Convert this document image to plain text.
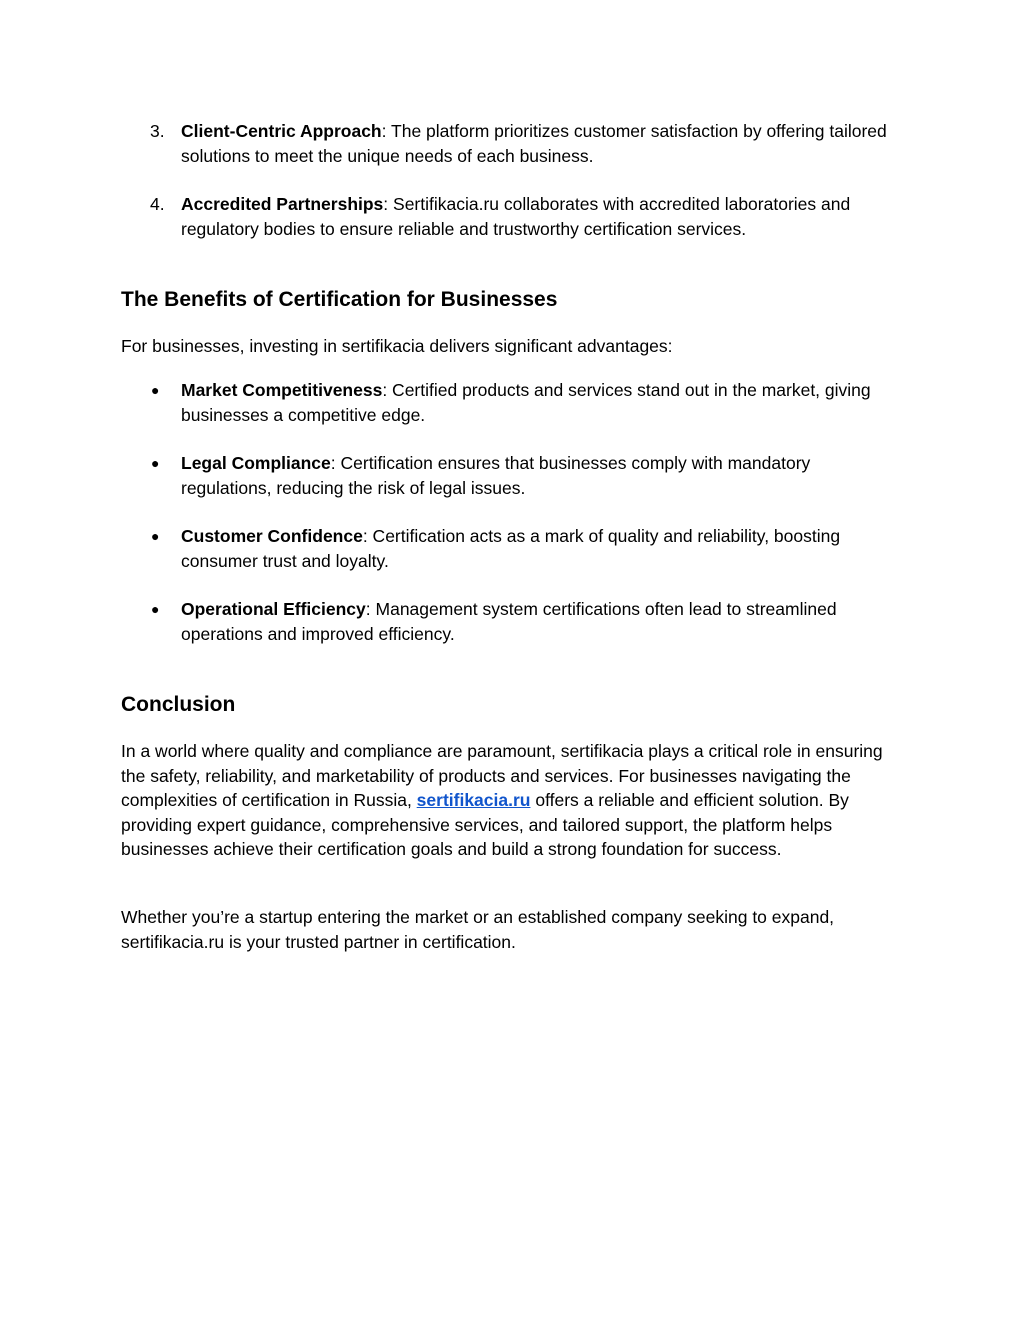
3. Client-Centric Approach: The platform prioritizes customer satisfaction by offering tailored solutions to meet the unique needs of each business.
4. Accredited Partnerships: Sertifikacia.ru collaborates with accredited laboratories and regulatory bodies to ensure reliable and trustworthy certification services.
The Benefits of Certification for Businesses

For businesses, investing in sertifikacia delivers significant advantages:

● Market Competitiveness: Certified products and services stand out in the market, giving businesses a competitive edge.
● Legal Compliance: Certification ensures that businesses comply with mandatory regulations, reducing the risk of legal issues.
● Customer Confidence: Certification acts as a mark of quality and reliability, boosting consumer trust and loyalty.
● Operational Efficiency: Management system certifications often lead to streamlined operations and improved efficiency.
Conclusion

In a world where quality and compliance are paramount, sertifikacia plays a critical role in ensuring the safety, reliability, and marketability of products and services. For businesses navigating the complexities of certification in Russia, sertifikacia.ru offers a reliable and efficient solution. By providing expert guidance, comprehensive services, and tailored support, the platform helps businesses achieve their certification goals and build a strong foundation for success.

Whether you’re a startup entering the market or an established company seeking to expand, sertifikacia.ru is your trusted partner in certification.
